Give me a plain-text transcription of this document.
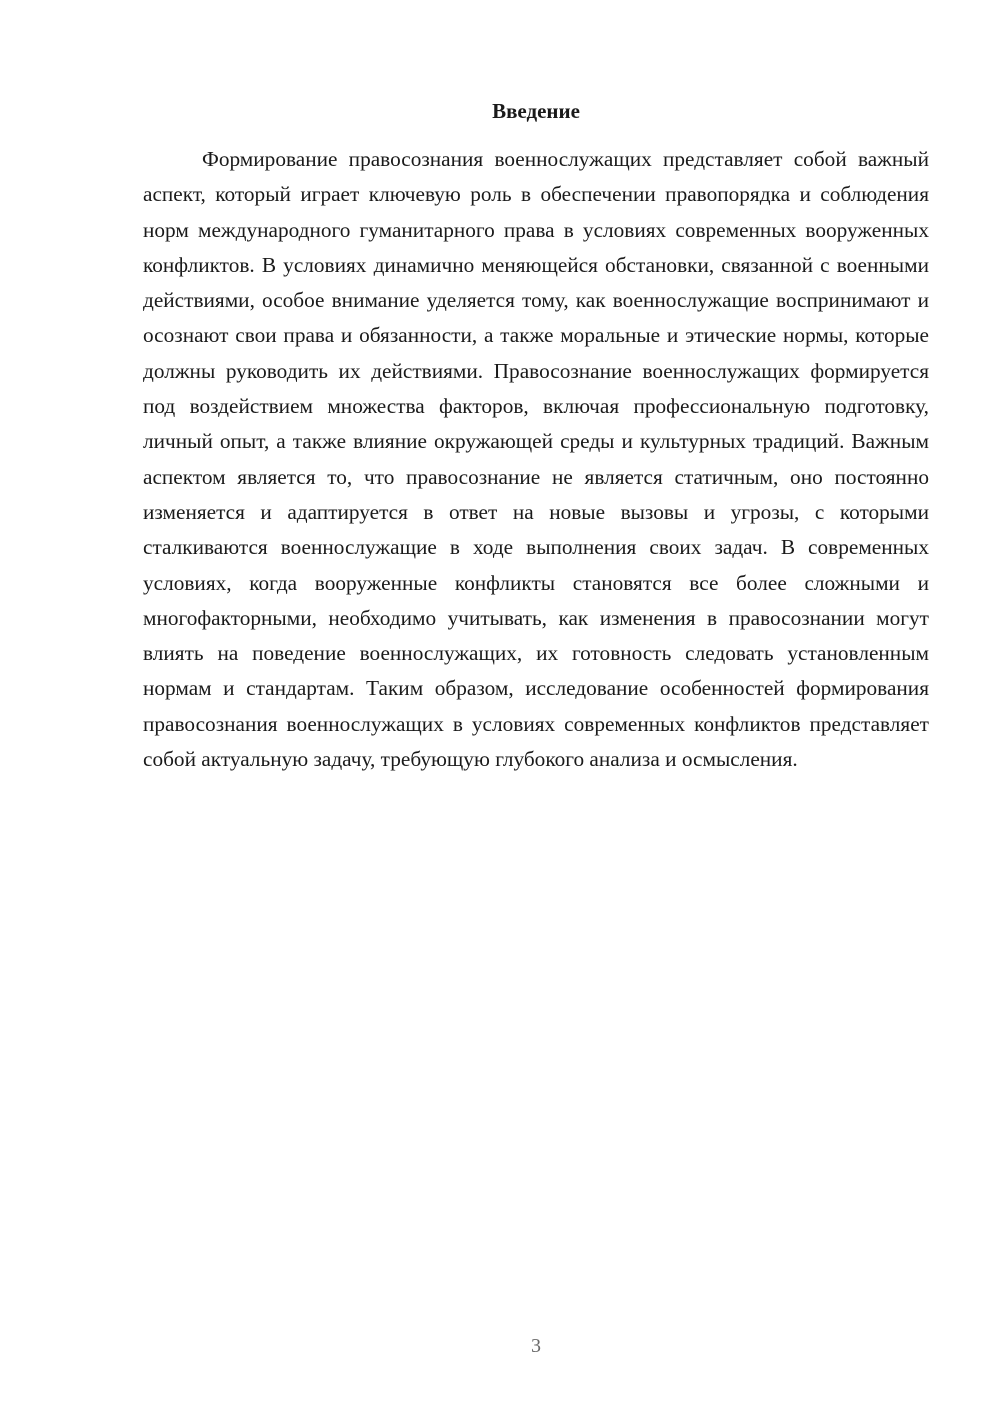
Введение

Формирование правосознания военнослужащих представляет собой важный аспект, который играет ключевую роль в обеспечении правопорядка и соблюдения норм международного гуманитарного права в условиях современных вооруженных конфликтов. В условиях динамично меняющейся обстановки, связанной с военными действиями, особое внимание уделяется тому, как военнослужащие воспринимают и осознают свои права и обязанности, а также моральные и этические нормы, которые должны руководить их действиями. Правосознание военнослужащих формируется под воздействием множества факторов, включая профессиональную подготовку, личный опыт, а также влияние окружающей среды и культурных традиций. Важным аспектом является то, что правосознание не является статичным, оно постоянно изменяется и адаптируется в ответ на новые вызовы и угрозы, с которыми сталкиваются военнослужащие в ходе выполнения своих задач. В современных условиях, когда вооруженные конфликты становятся все более сложными и многофакторными, необходимо учитывать, как изменения в правосознании могут влиять на поведение военнослужащих, их готовность следовать установленным нормам и стандартам. Таким образом, исследование особенностей формирования правосознания военнослужащих в условиях современных конфликтов представляет собой актуальную задачу, требующую глубокого анализа и осмысления.

3
